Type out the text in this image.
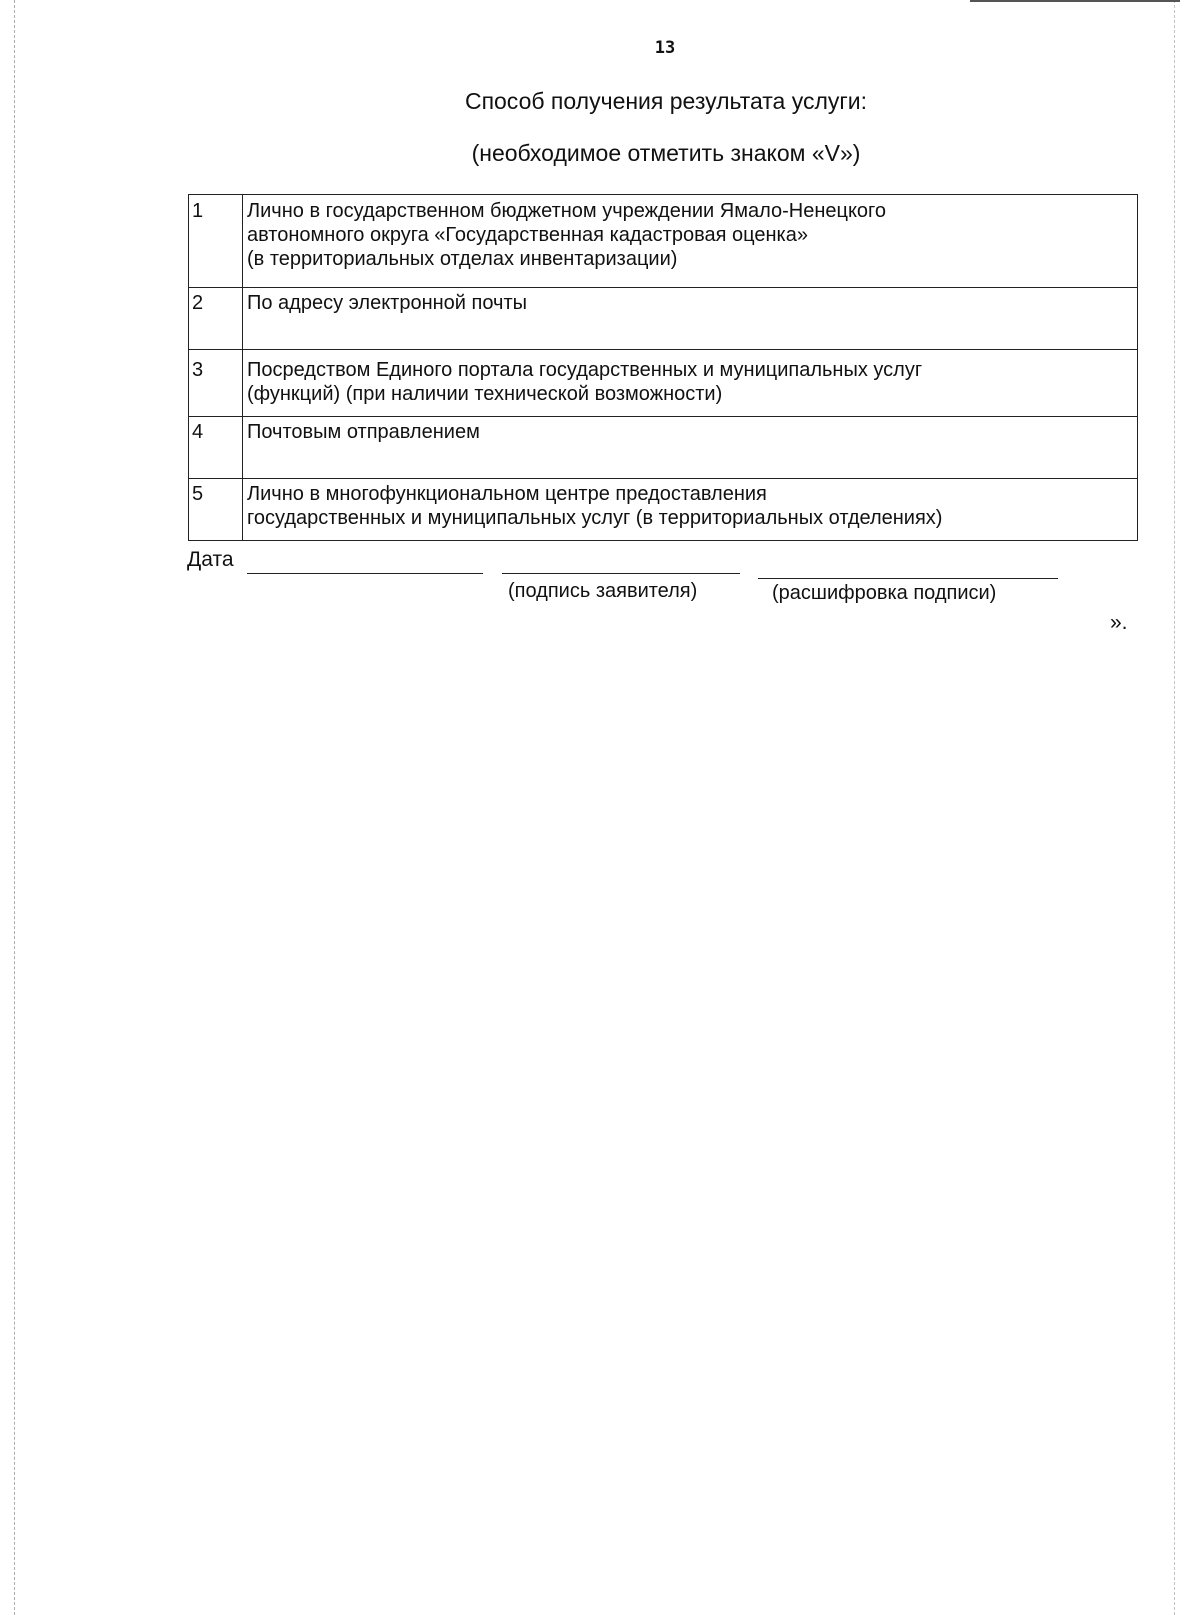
13
Способ получения результата услуги:
(необходимое отметить знаком «V»)
1	Лично в государственном бюджетном учреждении Ямало-Ненецкого
автономного округа «Государственная кадастровая оценка»
(в территориальных отделах инвентаризации)
2	По адресу электронной почты
3	Посредством Единого портала государственных и муниципальных услуг
(функций) (при наличии технической возможности)
4	Почтовым отправлением
5	Лично в многофункциональном центре предоставления
государственных и муниципальных услуг (в территориальных отделениях)
Дата
(подпись заявителя)	(расшифровка подписи)
».
